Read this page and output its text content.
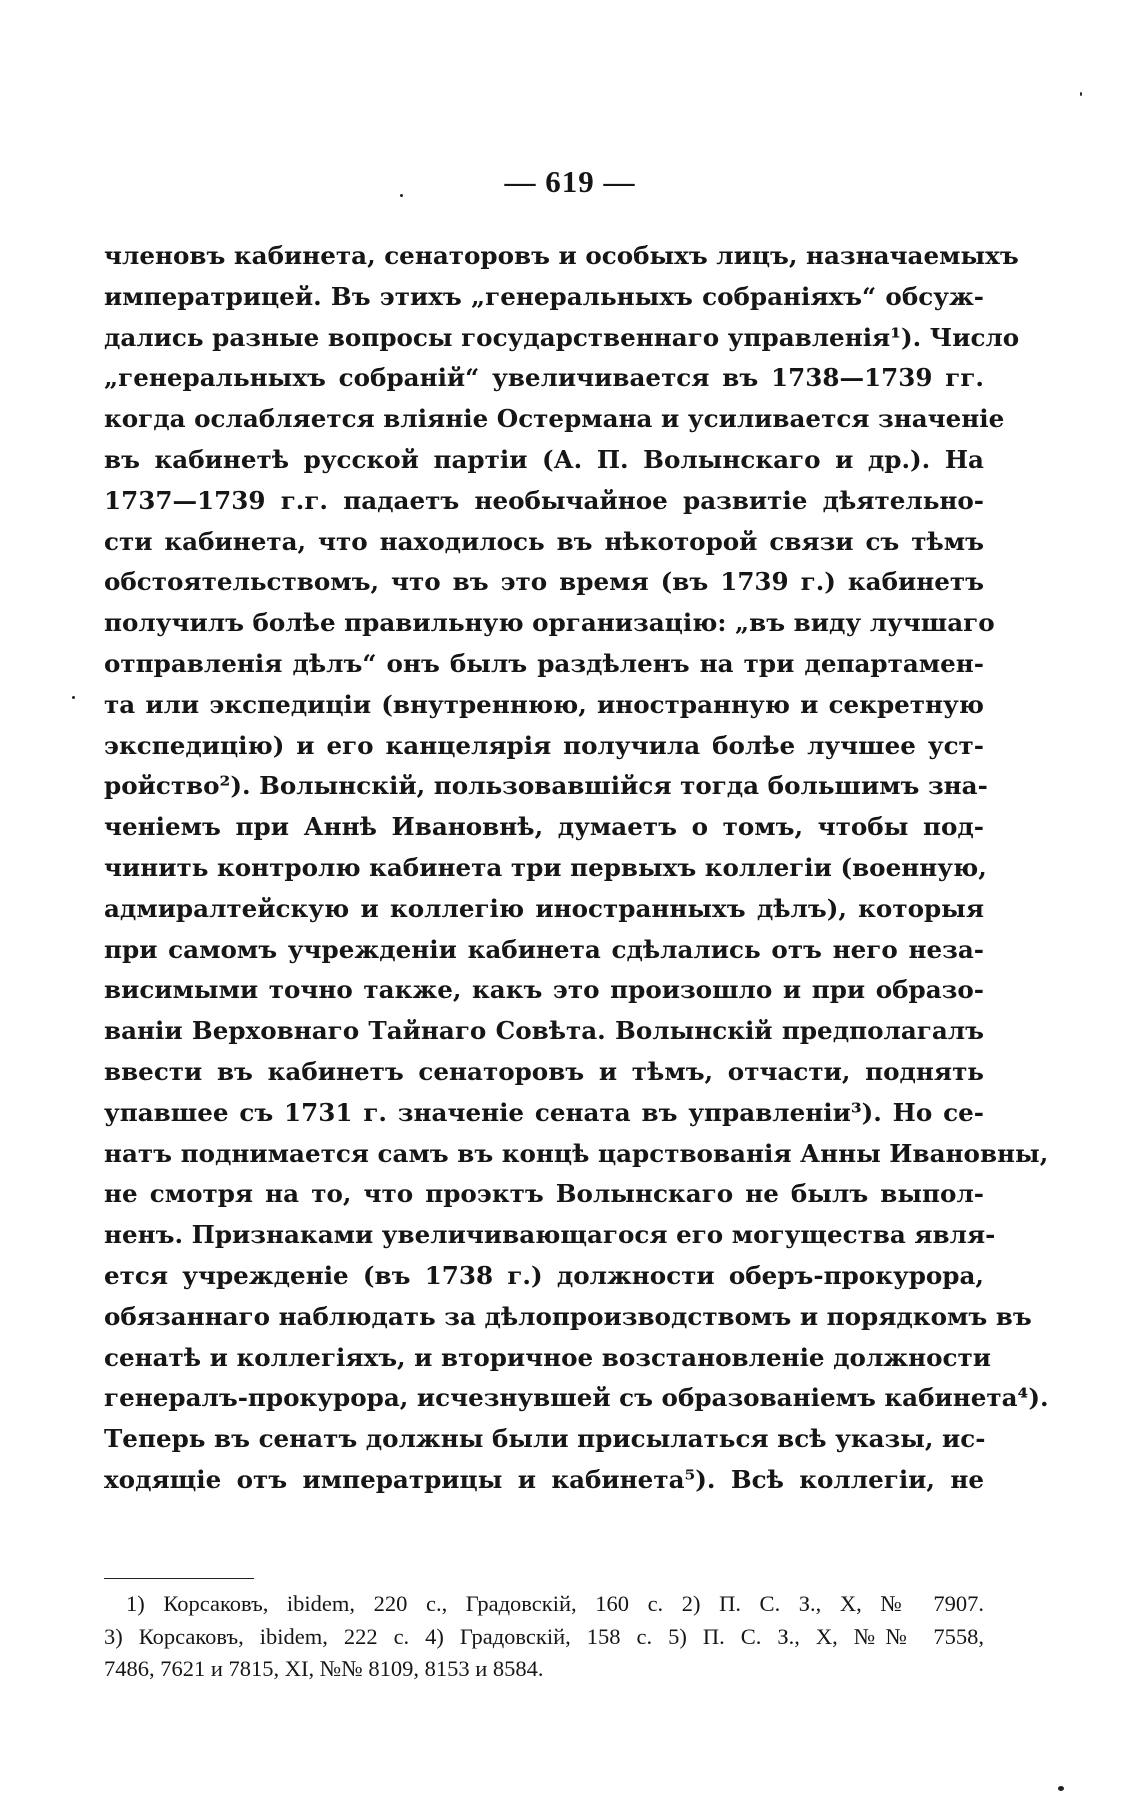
— 619 —
членовъ кабинета, сенаторовъ и особыхъ лицъ, назначаемыхъ
императрицей. Въ этихъ „генеральныхъ собраніяхъ“ обсуж-
дались разные вопросы государственнаго управленія¹). Число
„генеральныхъ собраній“ увеличивается въ 1738—1739 гг.
когда ослабляется вліяніе Остермана и усиливается значеніе
въ кабинетѣ русской партіи (А. П. Волынскаго и др.). На
1737—1739 г.г. падаетъ необычайное развитіе дѣятельно-
сти кабинета, что находилось въ нѣкоторой связи съ тѣмъ
обстоятельствомъ, что въ это время (въ 1739 г.) кабинетъ
получилъ болѣе правильную организацію: „въ виду лучшаго
отправленія дѣлъ“ онъ былъ раздѣленъ на три департамен-
та или экспедиціи (внутреннюю, иностранную и секретную
экспедицію) и его канцелярія получила болѣе лучшее уст-
ройство²). Волынскій, пользовавшійся тогда большимъ зна-
ченіемъ при Аннѣ Ивановнѣ, думаетъ о томъ, чтобы под-
чинить контролю кабинета три первыхъ коллегіи (военную,
адмиралтейскую и коллегію иностранныхъ дѣлъ), которыя
при самомъ учрежденіи кабинета сдѣлались отъ него неза-
висимыми точно также, какъ это произошло и при образо-
ваніи Верховнаго Тайнаго Совѣта. Волынскій предполагалъ
ввести въ кабинетъ сенаторовъ и тѣмъ, отчасти, поднять
упавшее съ 1731 г. значеніе сената въ управленіи³). Но се-
натъ поднимается самъ въ концѣ царствованія Анны Ивановны,
не смотря на то, что проэктъ Волынскаго не былъ выпол-
ненъ. Признаками увеличивающагося его могущества явля-
ется учрежденіе (въ 1738 г.) должности оберъ-прокурора,
обязаннаго наблюдать за дѣлопроизводствомъ и порядкомъ въ
сенатѣ и коллегіяхъ, и вторичное возстановленіе должности
генералъ-прокурора, исчезнувшей съ образованіемъ кабинета⁴).
Теперь въ сенатъ должны были присылаться всѣ указы, ис-
ходящіе отъ императрицы и кабинета⁵). Всѣ коллегіи, не
1) Корсаковъ, ibidem, 220 с., Градовскій, 160 с. 2) П. С. З., X, № 7907.
3) Корсаковъ, ibidem, 222 с. 4) Градовскій, 158 с. 5) П. С. З., X, №№ 7558,
7486, 7621 и 7815, XI, №№ 8109, 8153 и 8584.
